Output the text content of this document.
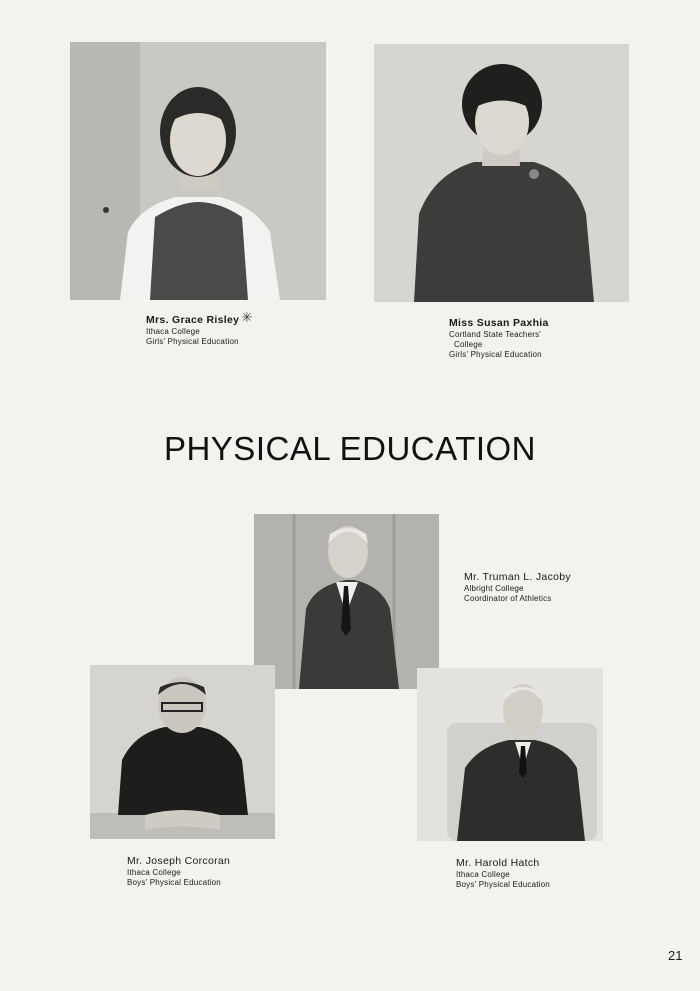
Mrs. Grace Risley
Ithaca College
Girls' Physical Education
✳	Miss Susan Paxhia
Cortland State Teachers'
College
Girls' Physical Education
PHYSICAL EDUCATION
Mr. Truman L. Jacoby
Albright College
Coordinator of Athletics
Mr. Joseph Corcoran
Ithaca College
Boys' Physical Education
Mr. Harold Hatch
Ithaca College
Boys' Physical Education
21
